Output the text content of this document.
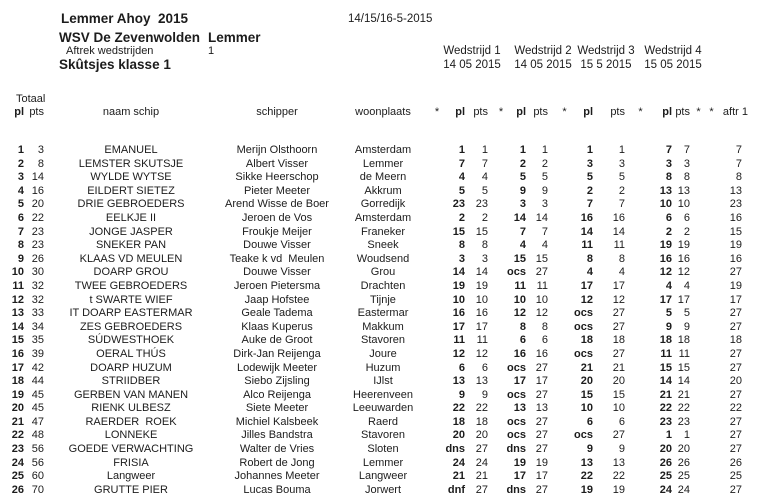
Lemmer Ahoy  2015	14/15/16-5-2015
WSV De Zevenwolden Lemmer
Aftrek wedstrijden	1
Skûtsjes klasse 1
Wedstrijd 1
14 05 2015
Wedstrijd 2
14 05 2015
Wedstrijd 3
15 5 2015
Wedstrijd 4
15 05 2015
Totaal
pl pts	naam schip	schipper	woonplaats	*	pl pts *	pl pts	*	pl	pts	*	pl pts * * aftr 1
1	3	EMANUEL	Merijn Olsthoorn	Amsterdam	1	1	1	1	1	1	7	7	7
2	8	LEMSTER SKUTSJE	Albert Visser	Lemmer	7	7	2	2	3	3	3	3	7
3 14	WYLDE WYTSE	Sikke Heerschop	de Meern	4	4	5	5	5	5	8	8	8
4 16	EILDERT SIETEZ	Pieter Meeter	Akkrum	5	5	9	9	2	2	13 13	13
5 20	DRIE GEBROEDERS	Arend Wisse de Boer	Gorredijk	23 23	3	3	7	7	10 10	23
6 22	EELKJE II	Jeroen de Vos	Amsterdam	2	2	14 14	16	16	6	6	16
7 23	JONGE JASPER	Froukje Meijer	Franeker	15 15	7	7	14	14	2	2	15
8 23	SNEKER PAN	Douwe Visser	Sneek	8	8	4	4	11	11	19 19	19
9 26	KLAAS VD MEULEN	Teake k vd  Meulen	Woudsend	3	3	15 15	8	8	16 16	16
10 30	DOARP GROU	Douwe Visser	Grou	14 14	ocs 27	4	4	12 12	27
11 32	TWEE GEBROEDERS	Jeroen Pietersma	Drachten	19 19	11 11	17	17	4	4	19
12 32	t SWARTE WIEF	Jaap Hofstee	Tijnje	10 10	10 10	12	12	17 17	17
13 33	IT DOARP EASTERMAR	Geale Tadema	Eastermar	16 16	12 12	ocs	27	5	5	27
14 34	ZES GEBROEDERS	Klaas Kuperus	Makkum	17 17	8	8	ocs	27	9	9	27
15 35	SÚDWESTHOEK	Auke de Groot	Stavoren	11	11	6	6	18	18	18 18	18
16 39	OERAL THÚS	Dirk-Jan Reijenga	Joure	12 12	16 16	ocs	27	11 11	27
17 42	DOARP HUZUM	Lodewijk Meeter	Huzum	6	6	ocs 27	21	21	15 15	27
18 44	STRIIDBER	Siebo Zijsling	IJlst	13 13	17 17	20	20	14 14	20
19 45	GERBEN VAN MANEN	Alco Reijenga	Heerenveen	9	9	ocs 27	15	15	21 21	27
20 45	RIENK ULBESZ	Siete Meeter	Leeuwarden	22 22	13 13	10	10	22 22	22
21 47	RAERDER  ROEK	Michiel Kalsbeek	Raerd	18 18	ocs 27	6	6	23 23	27
22 48	LONNEKE	Jilles Bandstra	Stavoren	20 20	ocs 27	ocs	27	1	1	27
23 56	GOEDE VERWACHTING	Walter de Vries	Sloten	dns 27	dns 27	9	9	20 20	27
24 56	FRISIA	Robert de Jong	Lemmer	24 24	19 19	13	13	26 26	26
25 60	Langweer	Johannes Meeter	Langweer	21 21	17 17	22	22	25 25	25
26 70	GRUTTE PIER	Lucas Bouma	Jorwert	dnf 27	dns 27	19	19	24 24	27
